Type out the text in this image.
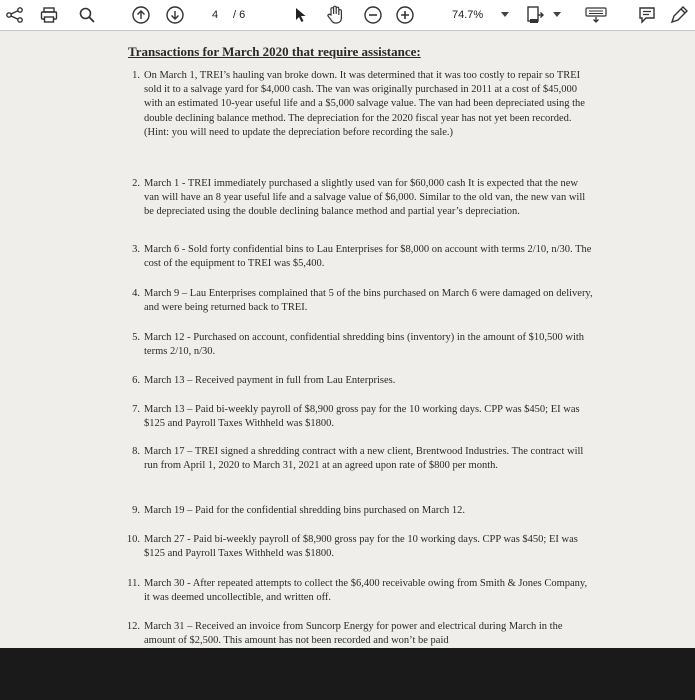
4 / 6	74.7%
Transactions for March 2020 that require assistance:
1. On March 1, TREI’s hauling van broke down. It was determined that it was too costly to repair so TREI sold it to a salvage yard for $4,000 cash. The van was originally purchased in 2011 at a cost of $45,000 with an estimated 10-year useful life and a $5,000 salvage value. The van had been depreciated using the double declining balance method. The depreciation for the 2020 fiscal year has not yet been recorded. (Hint: you will need to update the depreciation before recording the sale.)
2. March 1 - TREI immediately purchased a slightly used van for $60,000 cash It is expected that the new van will have an 8 year useful life and a salvage value of $6,000. Similar to the old van, the new van will be depreciated using the double declining balance method and partial year’s depreciation.
3. March 6 - Sold forty confidential bins to Lau Enterprises for $8,000 on account with terms 2/10, n/30. The cost of the equipment to TREI was $5,400.
4. March 9 – Lau Enterprises complained that 5 of the bins purchased on March 6 were damaged on delivery, and were being returned back to TREI.
5. March 12 - Purchased on account, confidential shredding bins (inventory) in the amount of $10,500 with terms 2/10, n/30.
6. March 13 – Received payment in full from Lau Enterprises.
7. March 13 – Paid bi-weekly payroll of $8,900 gross pay for the 10 working days. CPP was $450; EI was $125 and Payroll Taxes Withheld was $1800.
8. March 17 – TREI signed a shredding contract with a new client, Brentwood Industries. The contract will run from April 1, 2020 to March 31, 2021 at an agreed upon rate of $800 per month.
9. March 19 – Paid for the confidential shredding bins purchased on March 12.
10. March 27 - Paid bi-weekly payroll of $8,900 gross pay for the 10 working days. CPP was $450; EI was $125 and Payroll Taxes Withheld was $1800.
11. March 30 - After repeated attempts to collect the $6,400 receivable owing from Smith & Jones Company, it was deemed uncollectible, and written off.
12. March 31 – Received an invoice from Suncorp Energy for power and electrical during March in the amount of $2,500. This amount has not been recorded and won’t be paid
